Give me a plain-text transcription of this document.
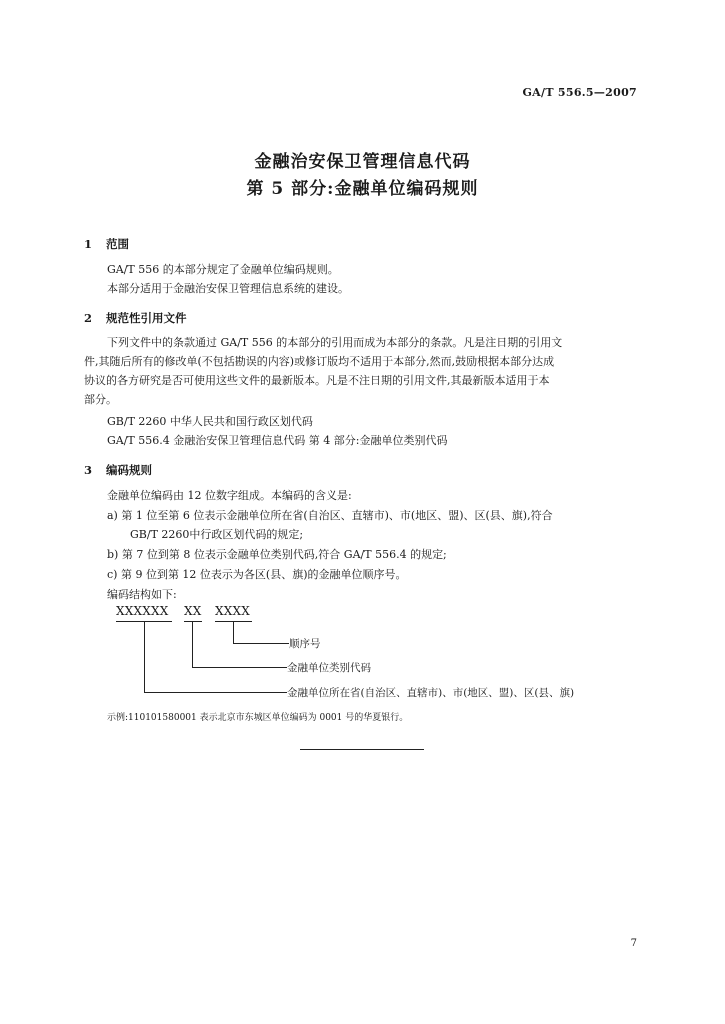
GA/T 556.5—2007
金融治安保卫管理信息代码
第 5 部分:金融单位编码规则
1 范围
GA/T 556 的本部分规定了金融单位编码规则。
本部分适用于金融治安保卫管理信息系统的建设。
2 规范性引用文件
下列文件中的条款通过 GA/T 556 的本部分的引用而成为本部分的条款。凡是注日期的引用文
件,其随后所有的修改单(不包括勘误的内容)或修订版均不适用于本部分,然而,鼓励根据本部分达成
协议的各方研究是否可使用这些文件的最新版本。凡是不注日期的引用文件,其最新版本适用于本
部分。
GB/T 2260 中华人民共和国行政区划代码
GA/T 556.4 金融治安保卫管理信息代码 第 4 部分:金融单位类别代码
3 编码规则
金融单位编码由 12 位数字组成。本编码的含义是:
a) 第 1 位至第 6 位表示金融单位所在省(自治区、直辖市)、市(地区、盟)、区(县、旗),符合
GB/T 2260中行政区划代码的规定;
b) 第 7 位到第 8 位表示金融单位类别代码,符合 GA/T 556.4 的规定;
c) 第 9 位到第 12 位表示为各区(县、旗)的金融单位顺序号。
编码结构如下:
XXXXXX XX XXXX
顺序号
金融单位类别代码
金融单位所在省(自治区、直辖市)、市(地区、盟)、区(县、旗)
示例:110101580001 表示北京市东城区单位编码为 0001 号的华夏银行。
7
